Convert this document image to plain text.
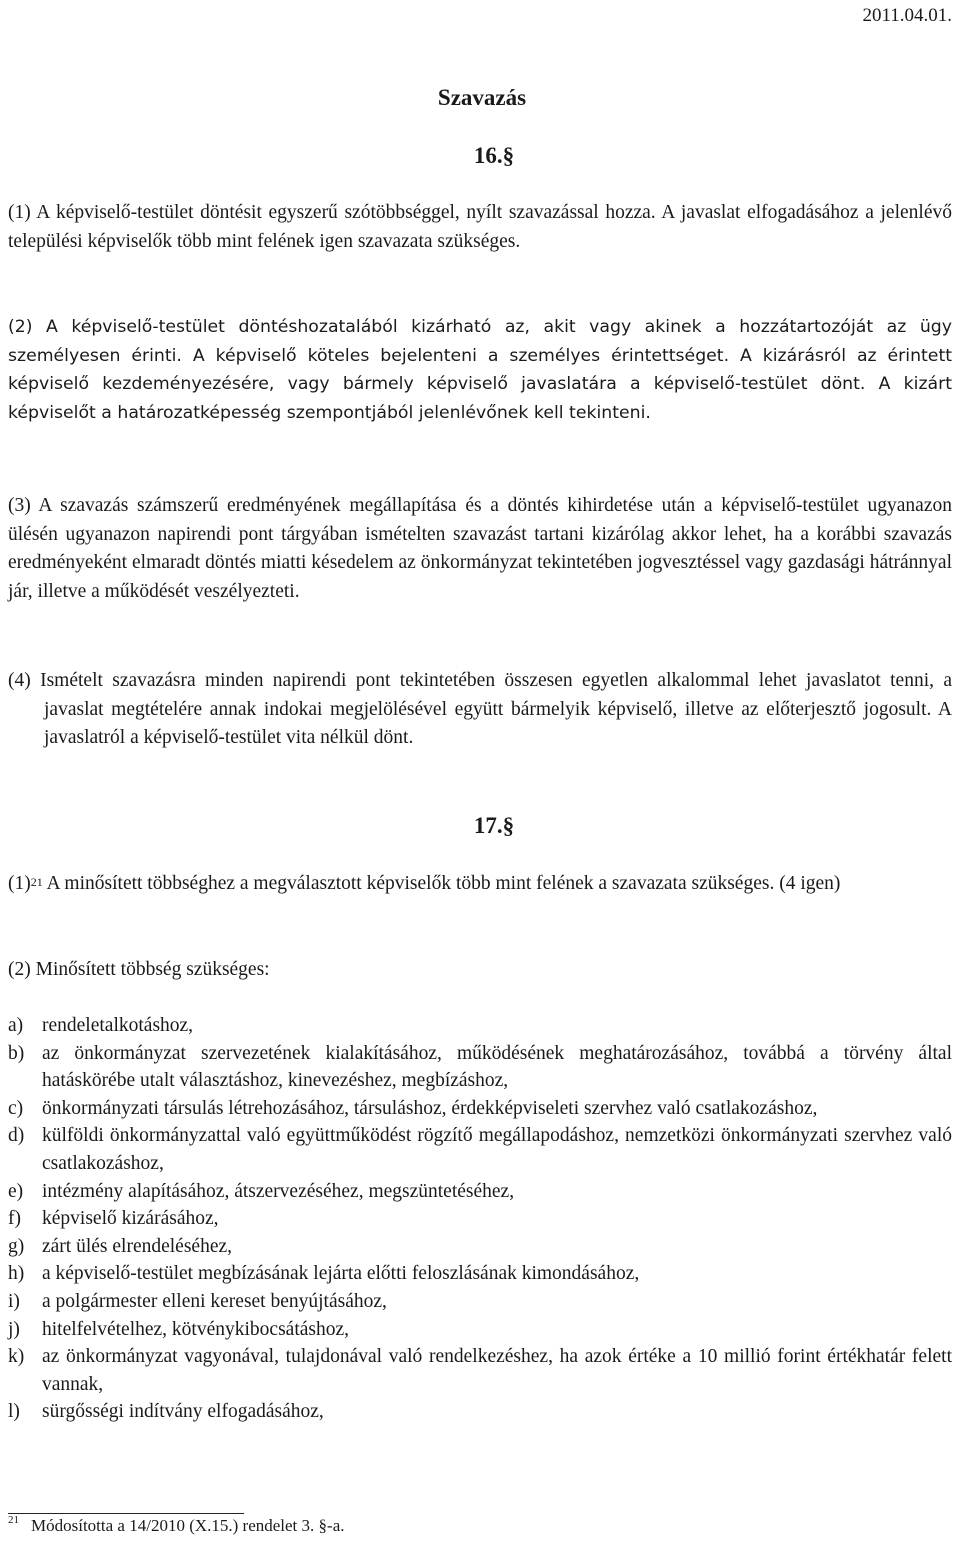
2011.04.01.
Szavazás
16.§

(1) A képviselő-testület döntésit egyszerű szótöbbséggel, nyílt szavazással hozza. A javaslat elfogadásához a jelenlévő települési képviselők több mint felének igen szavazata szükséges.

(2) A képviselő-testület döntéshozatalából kizárható az, akit vagy akinek a hozzátartozóját az ügy személyesen érinti. A képviselő köteles bejelenteni a személyes érintettséget. A kizárásról az érintett képviselő kezdeményezésére, vagy bármely képviselő javaslatára a képviselő-testület dönt. A kizárt képviselőt a határozatképesség szempontjából jelenlévőnek kell tekinteni.

(3) A szavazás számszerű eredményének megállapítása és a döntés kihirdetése után a képviselő-testület ugyanazon ülésén ugyanazon napirendi pont tárgyában ismételten szavazást tartani kizárólag akkor lehet, ha a korábbi szavazás eredményeként elmaradt döntés miatti késedelem az önkormányzat tekintetében jogvesztéssel vagy gazdasági hátránnyal jár, illetve a működését veszélyezteti.

(4) Ismételt szavazásra minden napirendi pont tekintetében összesen egyetlen alkalommal lehet javaslatot tenni, a javaslat megtételére annak indokai megjelölésével együtt bármelyik képviselő, illetve az előterjesztő jogosult. A javaslatról a képviselő-testület vita nélkül dönt.

17.§

$(1)^{21}$ A minősített többséghez a megválasztott képviselők több mint felének a szavazata szükséges. (4 igen)

(2) Minősített többség szükséges:

a) rendeletalkotáshoz,
b) az önkormányzat szervezetének kialakításához, működésének meghatározásához, továbbá a törvény által hatáskörébe utalt választáshoz, kinevezéshez, megbízáshoz,
c) önkormányzati társulás létrehozásához, társuláshoz, érdekképviseleti szervhez való csatlakozáshoz,
d) külföldi önkormányzattal való együttműködést rögzítő megállapodáshoz, nemzetközi önkormányzati szervhez való csatlakozáshoz,
e) intézmény alapításához, átszervezéséhez, megszüntetéséhez,
f) képviselő kizárásához,
g) zárt ülés elrendeléséhez,
h) a képviselő-testület megbízásának lejárta előtti feloszlásának kimondásához,
i) a polgármester elleni kereset benyújtásához,
j) hitelfelvételhez, kötvénykibocsátáshoz,
k) az önkormányzat vagyonával, tulajdonával való rendelkezéshez, ha azok értéke a 10 millió forint értékhatár felett vannak,
l) sürgősségi indítvány elfogadásához,
$^{21}$ Módosította a 14/2010 (X.15.) rendelet 3. §-a.
